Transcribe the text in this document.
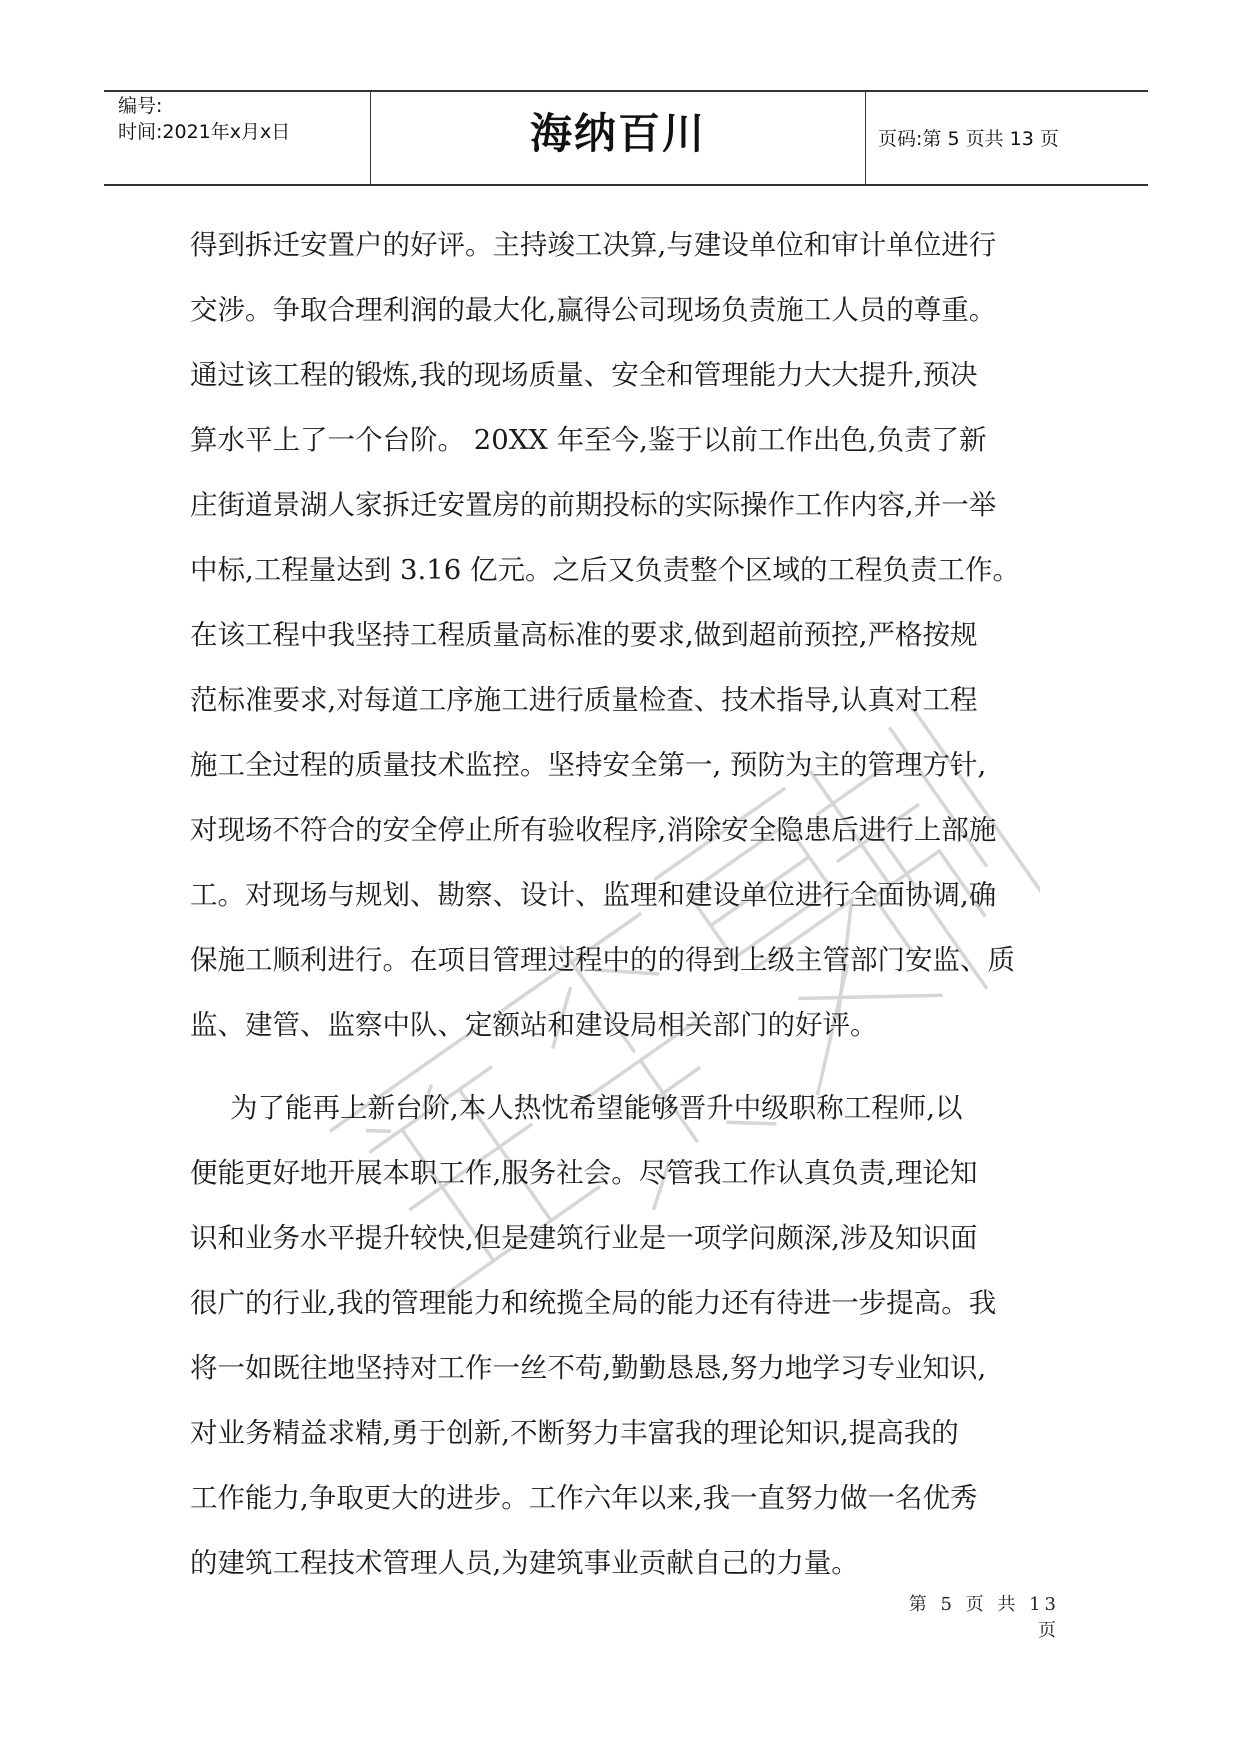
编号:
时间:2021年x月x日	海纳百川	页码:第 5 页共 13 页
得到拆迁安置户的好评。主持竣工决算,与建设单位和审计单位进行
交涉。争取合理利润的最大化,赢得公司现场负责施工人员的尊重。
通过该工程的锻炼,我的现场质量、安全和管理能力大大提升,预决
算水平上了一个台阶。 20XX 年至今,鉴于以前工作出色,负责了新
庄街道景湖人家拆迁安置房的前期投标的实际操作工作内容,并一举
中标,工程量达到 3.16 亿元。之后又负责整个区域的工程负责工作。
在该工程中我坚持工程质量高标准的要求,做到超前预控,严格按规
范标准要求,对每道工序施工进行质量检查、技术指导,认真对工程
施工全过程的质量技术监控。坚持安全第一, 预防为主的管理方针,
对现场不符合的安全停止所有验收程序,消除安全隐患后进行上部施
工。对现场与规划、勘察、设计、监理和建设单位进行全面协调,确
保施工顺利进行。在项目管理过程中的的得到上级主管部门安监、质
监、建管、监察中队、定额站和建设局相关部门的好评。
为了能再上新台阶,本人热忱希望能够晋升中级职称工程师,以
便能更好地开展本职工作,服务社会。尽管我工作认真负责,理论知
识和业务水平提升较快,但是建筑行业是一项学问颇深,涉及知识面
很广的行业,我的管理能力和统揽全局的能力还有待进一步提高。我
将一如既往地坚持对工作一丝不苟,勤勤恳恳,努力地学习专业知识,
对业务精益求精,勇于创新,不断努力丰富我的理论知识,提高我的
工作能力,争取更大的进步。工作六年以来,我一直努力做一名优秀
的建筑工程技术管理人员,为建筑事业贡献自己的力量。
第 5 页 共 13 页
